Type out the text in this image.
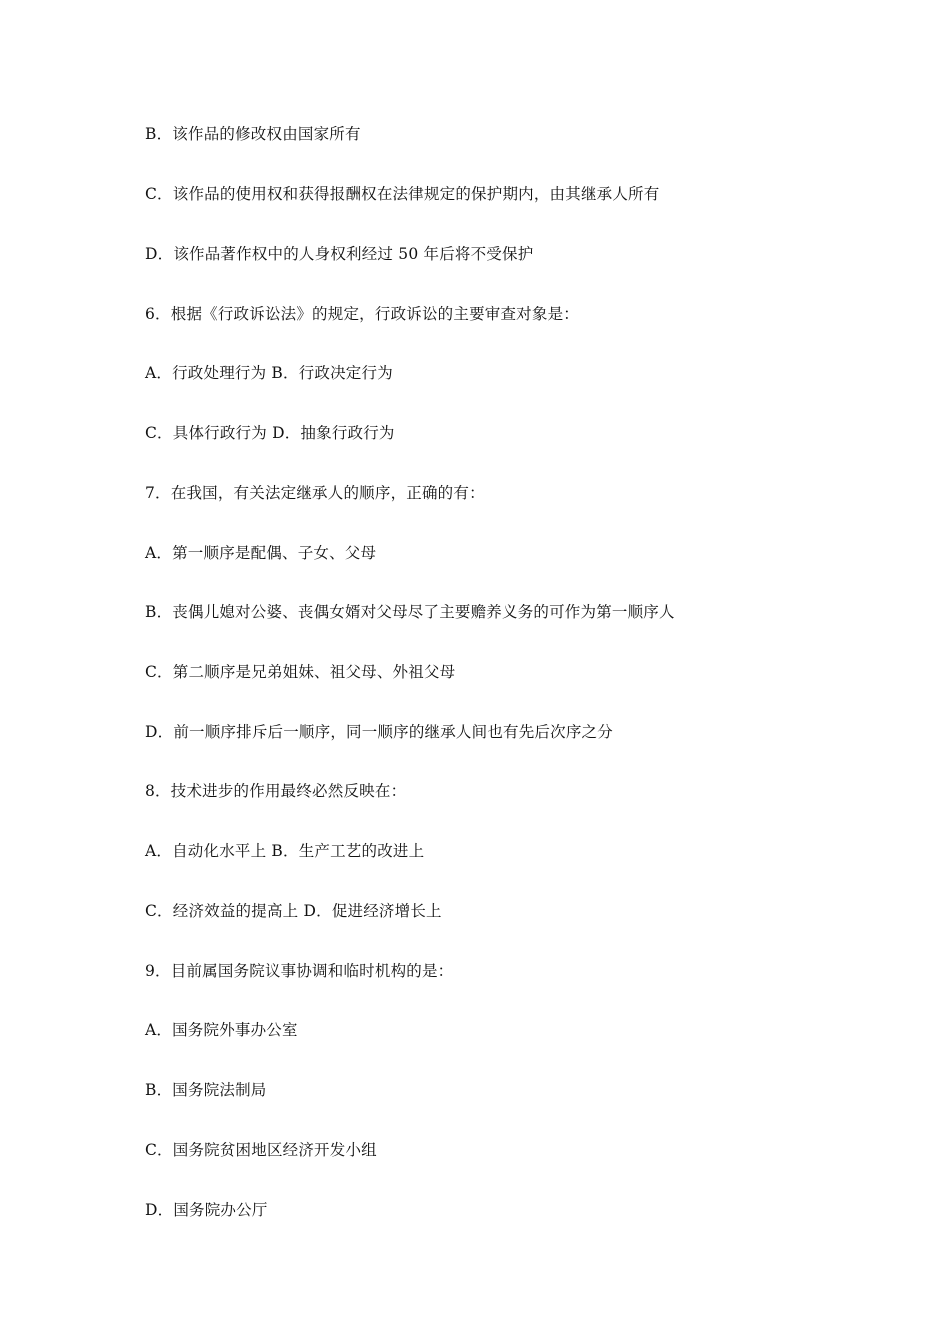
B．该作品的修改权由国家所有

C．该作品的使用权和获得报酬权在法律规定的保护期内，由其继承人所有

D．该作品著作权中的人身权利经过 50 年后将不受保护

6．根据《行政诉讼法》的规定，行政诉讼的主要审查对象是：

A．行政处理行为 B．行政决定行为

C．具体行政行为 D．抽象行政行为

7．在我国，有关法定继承人的顺序，正确的有：

A．第一顺序是配偶、子女、父母

B．丧偶儿媳对公婆、丧偶女婿对父母尽了主要赡养义务的可作为第一顺序人

C．第二顺序是兄弟姐妹、祖父母、外祖父母

D．前一顺序排斥后一顺序，同一顺序的继承人间也有先后次序之分

8．技术进步的作用最终必然反映在：

A．自动化水平上 B．生产工艺的改进上

C．经济效益的提高上 D．促进经济增长上

9．目前属国务院议事协调和临时机构的是：

A．国务院外事办公室

B．国务院法制局

C．国务院贫困地区经济开发小组

D．国务院办公厅
